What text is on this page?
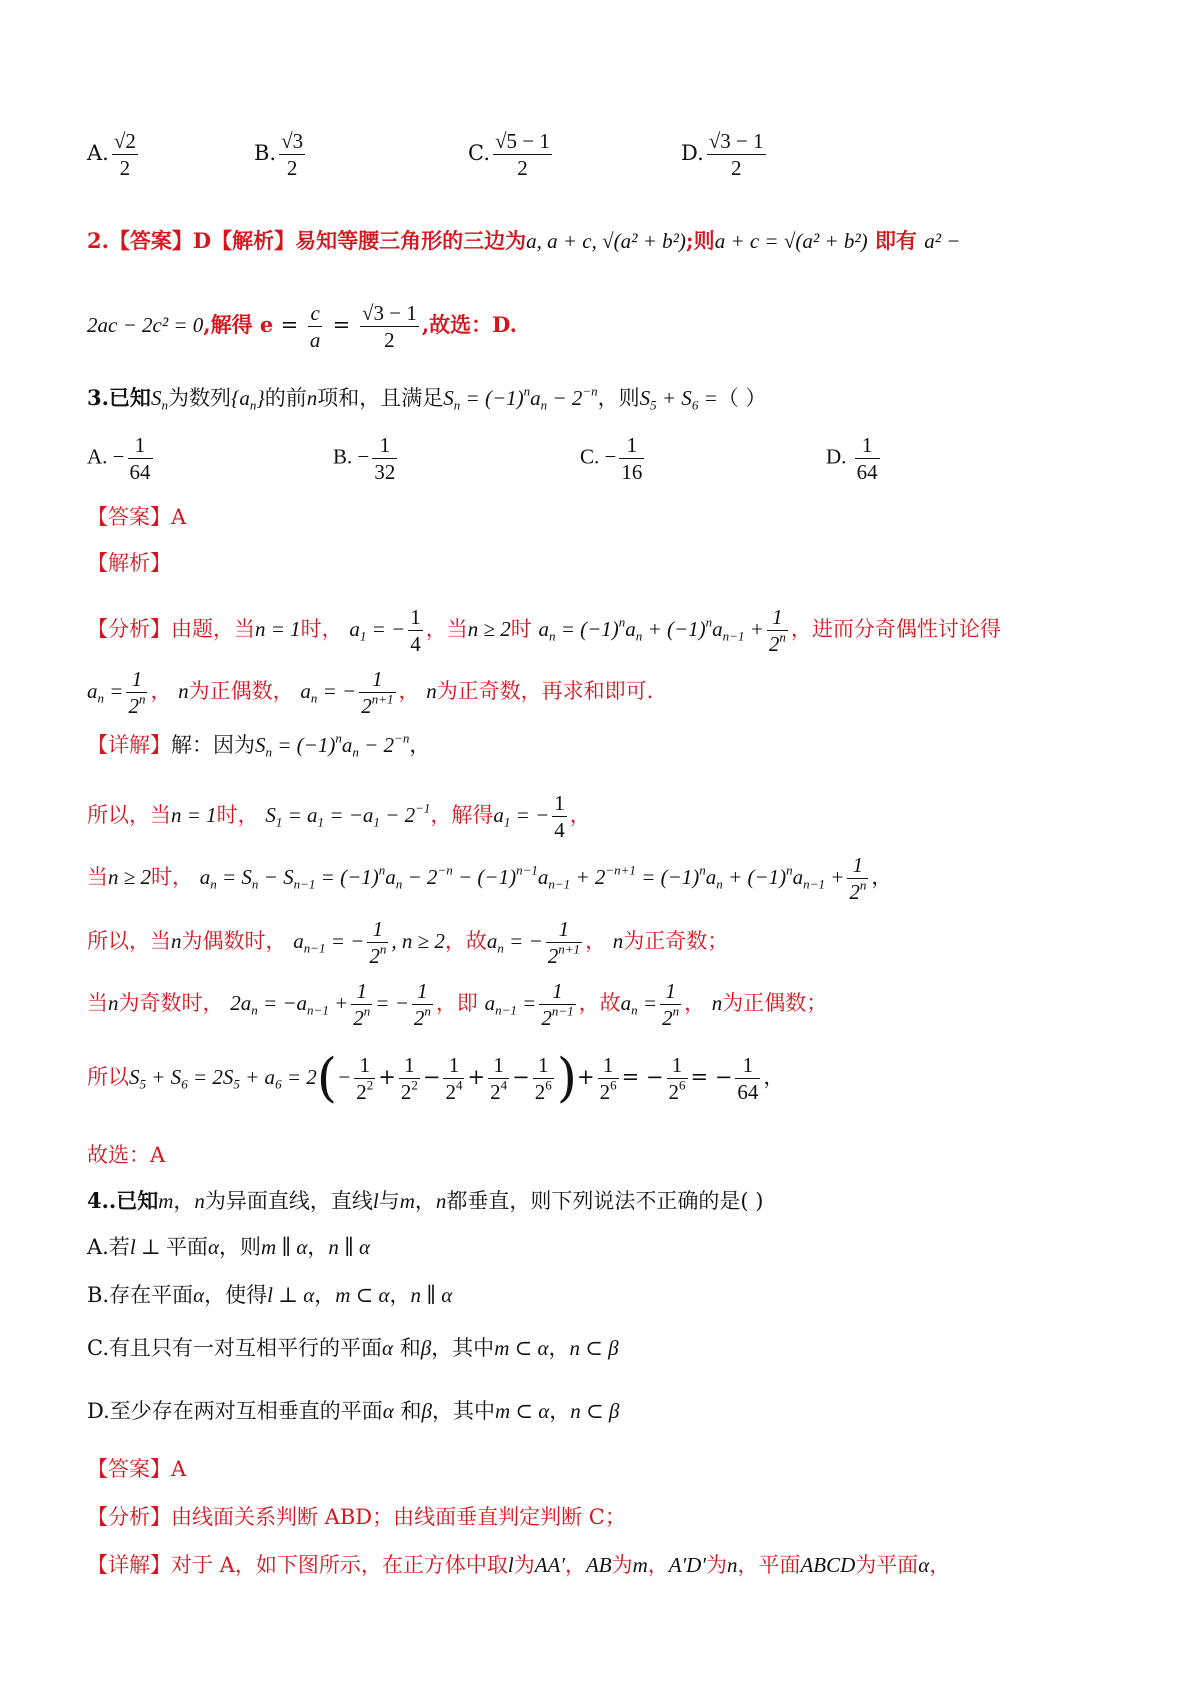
A. $\frac{√2}{2}$	B. $\frac{√3}{2}$	C. $\frac{√5 - 1}{2}$	D. $\frac{√3 - 1}{2}$
2.【答案】D【解析】易知等腰三角形的三边为a, a + c, √(a² + b²);则a + c = √(a² + b²) 即有 a² −
2ac − 2c² = 0,解得 $e = \frac{c}{a} = \frac{√3 - 1}{2}$ ,故选：D.
3.已知$S_n$为数列$\{a_n\}$的前n项和，且满足$S_n = (-1)^na_n - 2^{-n}$，则$S_5 + S_6$ =（ ）
A. − $\frac{1}{64}$	B. − $\frac{1}{32}$	C. − $\frac{1}{16}$	D. $\frac{1}{64}$
【答案】A
【解析】
【分析】由题，当n = 1时， $a_1$ = − $\frac{1}{4}$ ，当n ≥ 2时 $a_n = (-1)^na_n + (-1)^na_{n-1} + \frac{1}{2^n}$ ，进而分奇偶性讨论得
$a_n = \frac{1}{2^n}$ ， n为正偶数， $a_n$ = − $\frac{1}{2^{n+1}}$ ， n为正奇数，再求和即可.
【详解】解：因为$S_n = (-1)^na_n - 2^{-n}$，
所以，当n = 1时， $S_1 = a_1 = -a_1 - 2^{-1}$，解得$a_1$ = − $\frac{1}{4}$ ，
当n ≥ 2时， $a_n = S_n - S_{n-1} = (-1)^na_n - 2^{-n} - (-1)^{n-1}a_{n-1} + 2^{-n+1} = (-1)^na_n + (-1)^na_{n-1} + \frac{1}{2^n}$ ，
所以，当n为偶数时， $a_{n-1}$ = − $\frac{1}{2^n}$ , n ≥ 2，故$a_n$ = − $\frac{1}{2^{n+1}}$ ， n为正奇数；
当n为奇数时， $2a_n = -a_{n-1} + \frac{1}{2^n}$ = − $\frac{1}{2^n}$ ，即 $a_{n-1} = \frac{1}{2^{n-1}}$ ，故$a_n = \frac{1}{2^n}$ ， n为正偶数；
所以$S_5 + S_6 = 2S_5 + a_6 = 2(- \frac{1}{2^2} + \frac{1}{2^2} - \frac{1}{2^4} + \frac{1}{2^4} - \frac{1}{2^6}$ )+ $\frac{1}{2^6}$ = − $\frac{1}{2^6}$ = − $\frac{1}{64}$ ，
故选：A
4..已知m，n为异面直线，直线l与m，n都垂直，则下列说法不正确的是( )
A.若l ⊥ 平面α，则m ∥ α，n ∥ α
B.存在平面α，使得l ⊥ α，m ⊂ α，n ∥ α
C.有且只有一对互相平行的平面α 和β，其中m ⊂ α，n ⊂ β
D.至少存在两对互相垂直的平面α 和β，其中m ⊂ α，n ⊂ β
【答案】A
【分析】由线面关系判断 ABD；由线面垂直判定判断 C；
【详解】对于 A，如下图所示，在正方体中取l为AA′，AB为m，A′D′为n，平面ABCD为平面α，
